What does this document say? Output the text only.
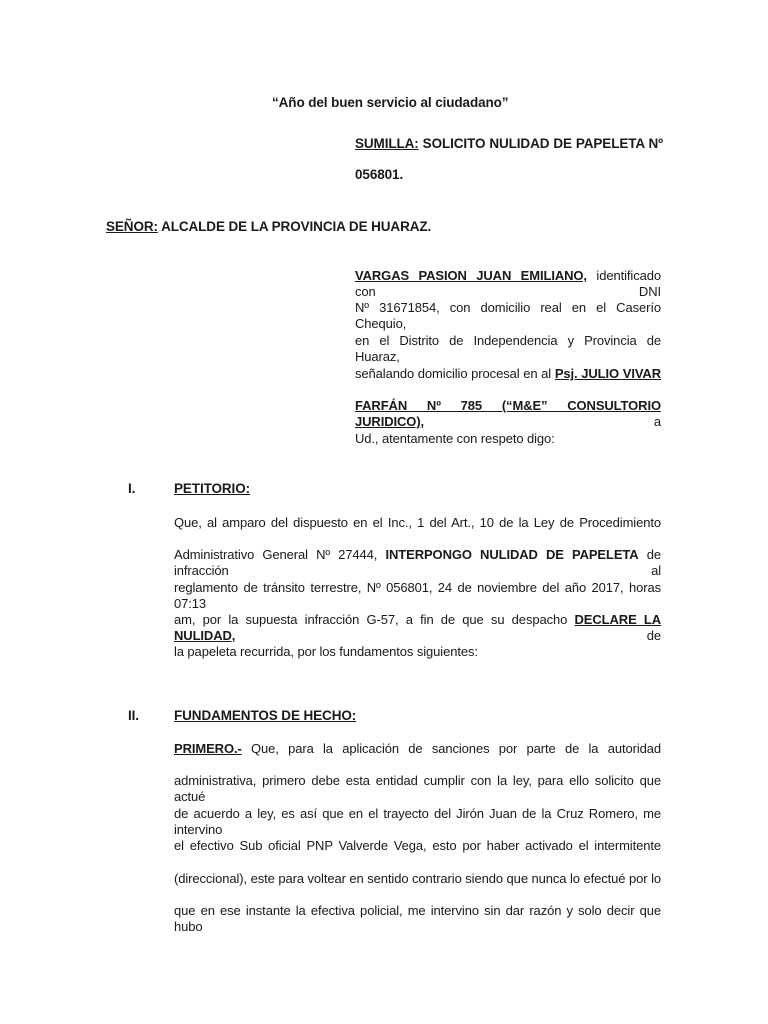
“Año del buen servicio al ciudadano”
SUMILLA: SOLICITO NULIDAD DE PAPELETA Nº
056801.
SEÑOR: ALCALDE DE LA PROVINCIA DE HUARAZ.
VARGAS PASION JUAN EMILIANO, identificado con DNI
Nº 31671854, con domicilio real en el Caserío Chequio,
en el Distrito de Independencia y Provincia de Huaraz,
señalando domicilio procesal en al Psj. JULIO VIVAR
FARFÁN Nº 785 (“M&E” CONSULTORIO JURIDICO),	a
Ud., atentamente con respeto digo:
I.	PETITORIO:
Que, al amparo del dispuesto en el Inc., 1 del Art., 10 de la Ley de Procedimiento
Administrativo General Nº 27444, INTERPONGO NULIDAD DE PAPELETA de infracción al
reglamento de tránsito terrestre, Nº 056801, 24 de noviembre del año 2017, horas 07:13
am, por la supuesta infracción G-57, a fin de que su despacho DECLARE LA NULIDAD,	de
la papeleta recurrida, por los fundamentos siguientes:
II.	FUNDAMENTOS DE HECHO:
PRIMERO.- Que, para la aplicación de sanciones por parte de la autoridad
administrativa, primero debe esta entidad cumplir con la ley, para ello solicito que actué
de acuerdo a ley, es así que en el trayecto del Jirón Juan de la Cruz Romero, me intervino
el efectivo Sub oficial PNP Valverde Vega, esto por haber activado el intermitente
(direccional), este para voltear en sentido contrario siendo que nunca lo efectué por lo
que en ese instante la efectiva policial, me intervino sin dar razón y solo decir que hubo
